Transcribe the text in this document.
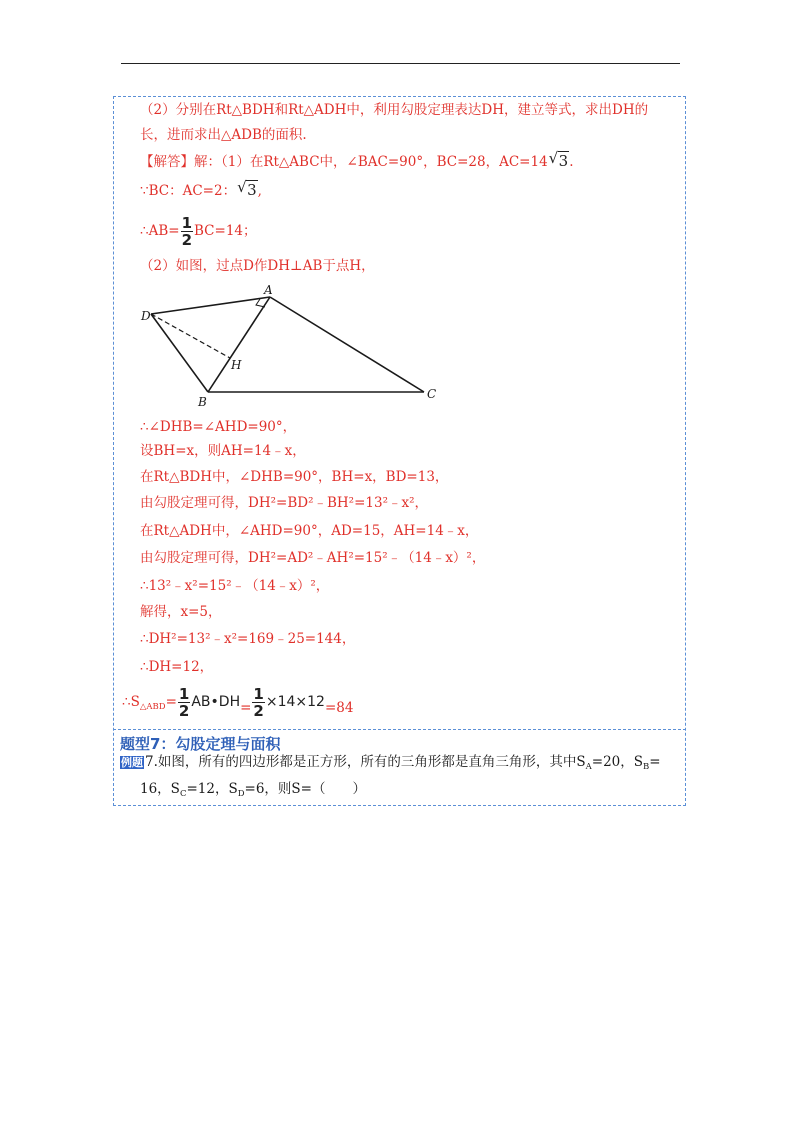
（2）分别在Rt△BDH和Rt△ADH中，利用勾股定理表达DH，建立等式，求出DH的
长，进而求出△ADB的面积.
【解答】解：（1）在Rt△ABC中，∠BAC=90°，BC=28，AC=14 √ 3.
∵BC：AC=2： √ 3,
∴AB= $\frac{1}{2} BC=14$；
（2）如图，过点D作DH⊥AB于点H，
A
D
H
B
C
∴∠DHB=∠AHD=90°，
设BH=x，则AH=14﹣x，
在Rt△BDH中，∠DHB=90°，BH=x，BD=13，
由勾股定理可得，DH²=BD²﹣BH²=13²﹣x²，
在Rt△ADH中，∠AHD=90°，AD=15，AH=14﹣x，
由勾股定理可得，DH²=AD²﹣AH²=15²﹣（14﹣x）²，
∴13²﹣x²=15²﹣（14﹣x）²，
解得，x=5，
∴DH²=13²﹣x²=169﹣25=144，
∴DH=12，
$\therefore S_{\triangle ABD}= \frac{1}{2}$ AB•DH= $\frac{1}{2} \times 14\times 12=84$
题型7：勾股定理与面积
例题 7.如图，所有的四边形都是正方形，所有的三角形都是直角三角形，其中$S_A=20$，$S_B=$
16，$S_C=12$，$S_D=6$，则S=（　　）
